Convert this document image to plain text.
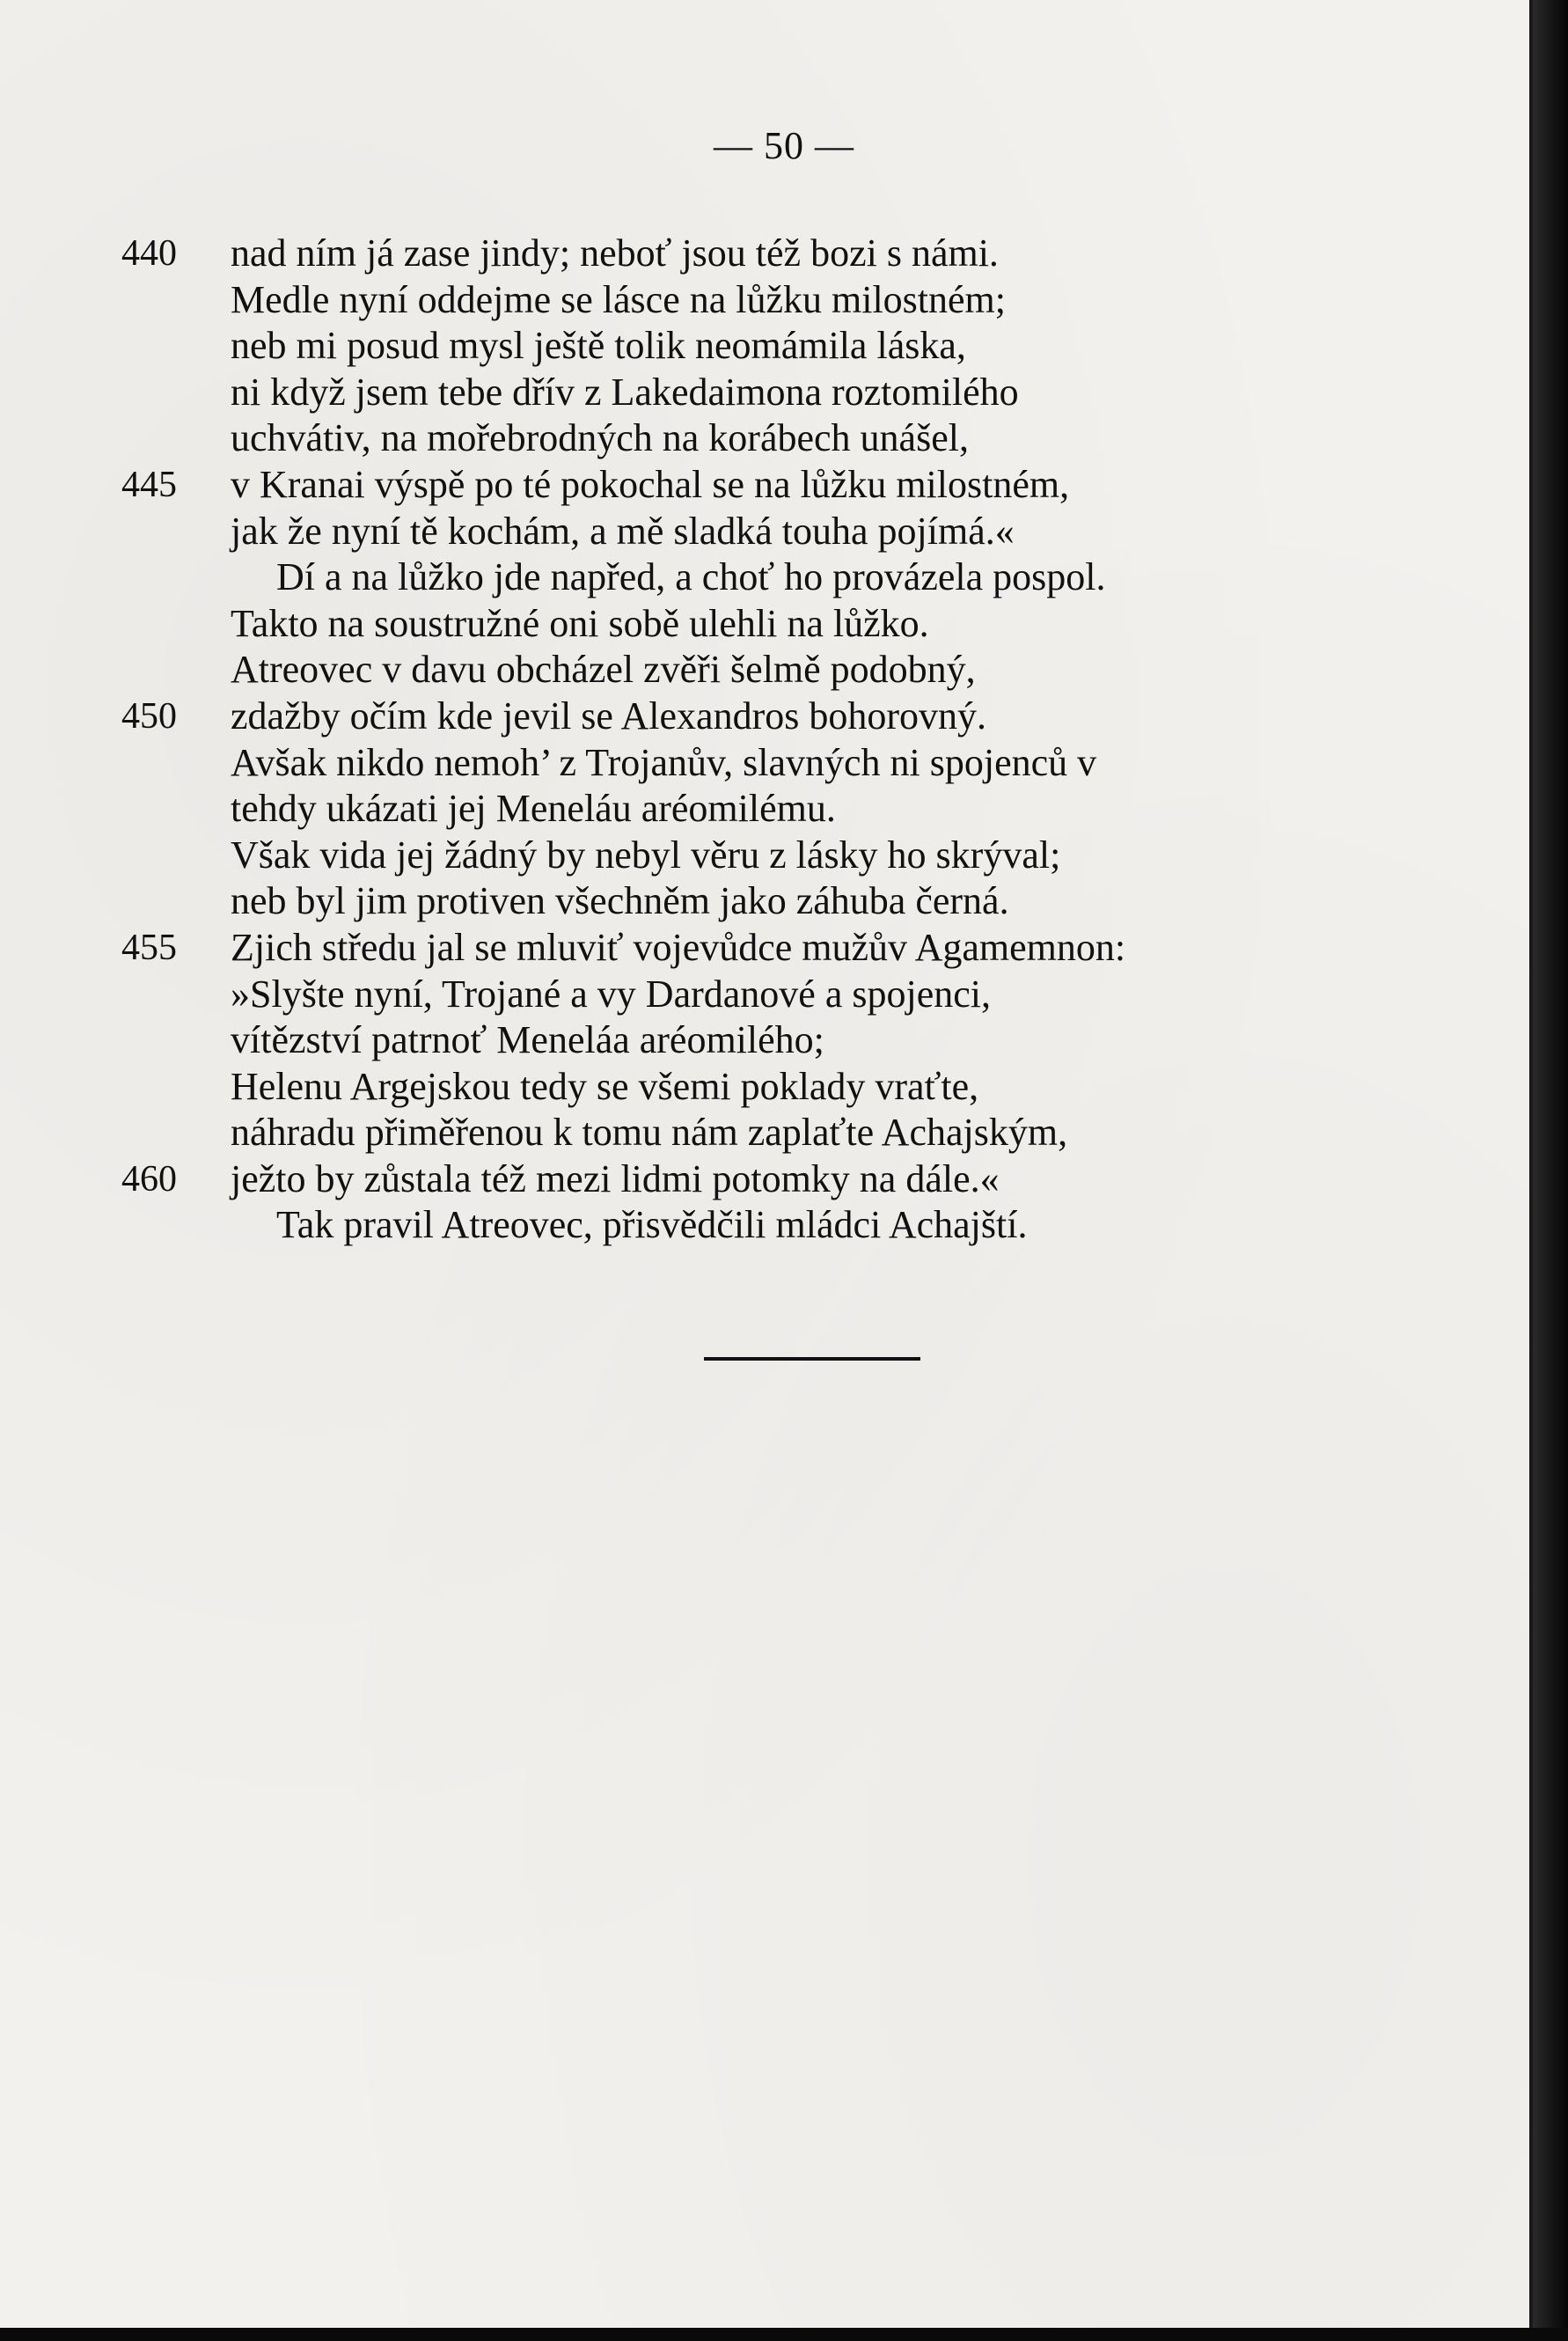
— 50 —
440	nad ním já zase jindy; neboť jsou též bozi s námi.
Medle nyní oddejme se lásce na lůžku milostném;
neb mi posud mysl ještě tolik neomámila láska,
ni když jsem tebe dřív z Lakedaimona roztomilého
uchvátiv, na mořebrodných na korábech unášel,
445	v Kranai výspě po té pokochal se na lůžku milostném,
jak že nyní tě kochám, a mě sladká touha pojímá.«
Dí a na lůžko jde napřed, a choť ho provázela pospol.
Takto na soustružné oni sobě ulehli na lůžko.
Atreovec v davu obcházel zvěři šelmě podobný,
450	zdažby očím kde jevil se Alexandros bohorovný.
Avšak nikdo nemoh’ z Trojanův, slavných ni spojenců v
tehdy ukázati jej Meneláu aréomilému.
Však vida jej žádný by nebyl věru z lásky ho skrýval;
neb byl jim protiven všechněm jako záhuba černá.
455	Zjich středu jal se mluviť vojevůdce mužův Agamemnon:
»Slyšte nyní, Trojané a vy Dardanové a spojenci,
vítězství patrnoť Meneláa aréomilého;
Helenu Argejskou tedy se všemi poklady vraťte,
náhradu přiměřenou k tomu nám zaplaťte Achajským,
460	ježto by zůstala též mezi lidmi potomky na dále.«
Tak pravil Atreovec, přisvědčili mládci Achajští.
